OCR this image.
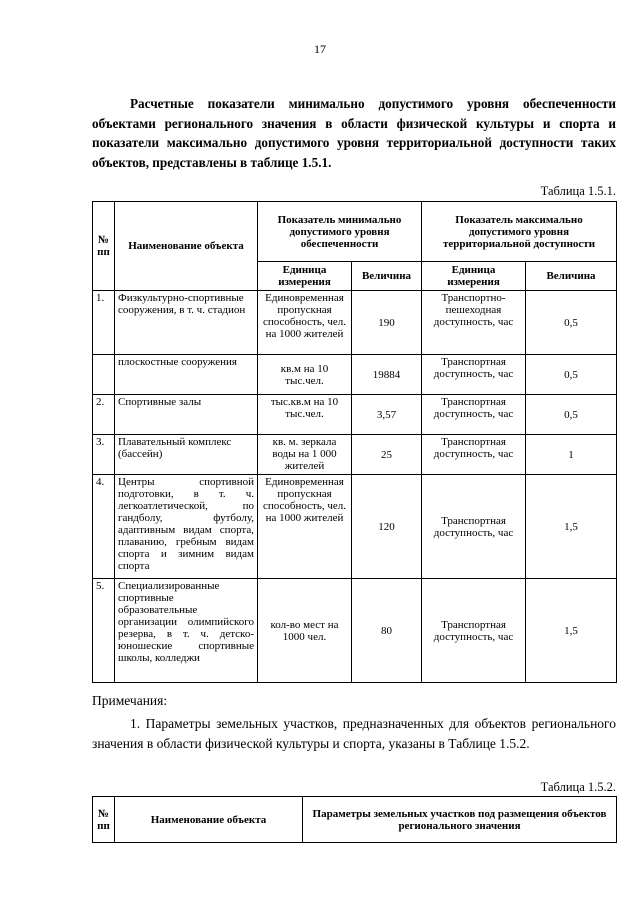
17
Расчетные показатели минимально допустимого уровня обеспеченности объектами регионального значения в области физической культуры и спорта и показатели максимально допустимого уровня территориальной доступности таких объектов, представлены в таблице 1.5.1.
Таблица 1.5.1.
№ пп	Наименование объекта	Показатель минимально допустимого уровня обеспеченности		Показатель максимально допустимого уровня территориальной доступности	
		Единица измерения	Величина	Единица измерения	Величина
1.	Физкультурно-спортивные сооружения, в т. ч. стадион	Единовременная пропускная способность, чел. на 1000 жителей	190	Транспортно-пешеходная доступность, час	0,5
	плоскостные сооружения	кв.м на 10 тыс.чел.	19884	Транспортная доступность, час	0,5
2.	Спортивные залы	тыс.кв.м на 10 тыс.чел.	3,57	Транспортная доступность, час	0,5
3.	Плавательный комплекс (бассейн)	кв. м. зеркала воды на 1 000 жителей	25	Транспортная доступность, час	1
4.	Центры спортивной подготовки, в т. ч. легкоатлетической, по гандболу, футболу, адаптивным видам спорта, плаванию, гребным видам спорта и зимним видам спорта	Единовременная пропускная способность, чел. на 1000 жителей	120	Транспортная доступность, час	1,5
5.	Специализированные спортивные образовательные организации олимпийского резерва, в т. ч. детско-юношеские спортивные школы, колледжи	кол-во мест на 1000 чел.	80	Транспортная доступность, час	1,5
Примечания:
1. Параметры земельных участков, предназначенных для объектов регионального значения в области физической культуры и спорта, указаны в Таблице 1.5.2.
Таблица 1.5.2.
№ пп	Наименование объекта	Параметры земельных участков под размещения объектов регионального значения
